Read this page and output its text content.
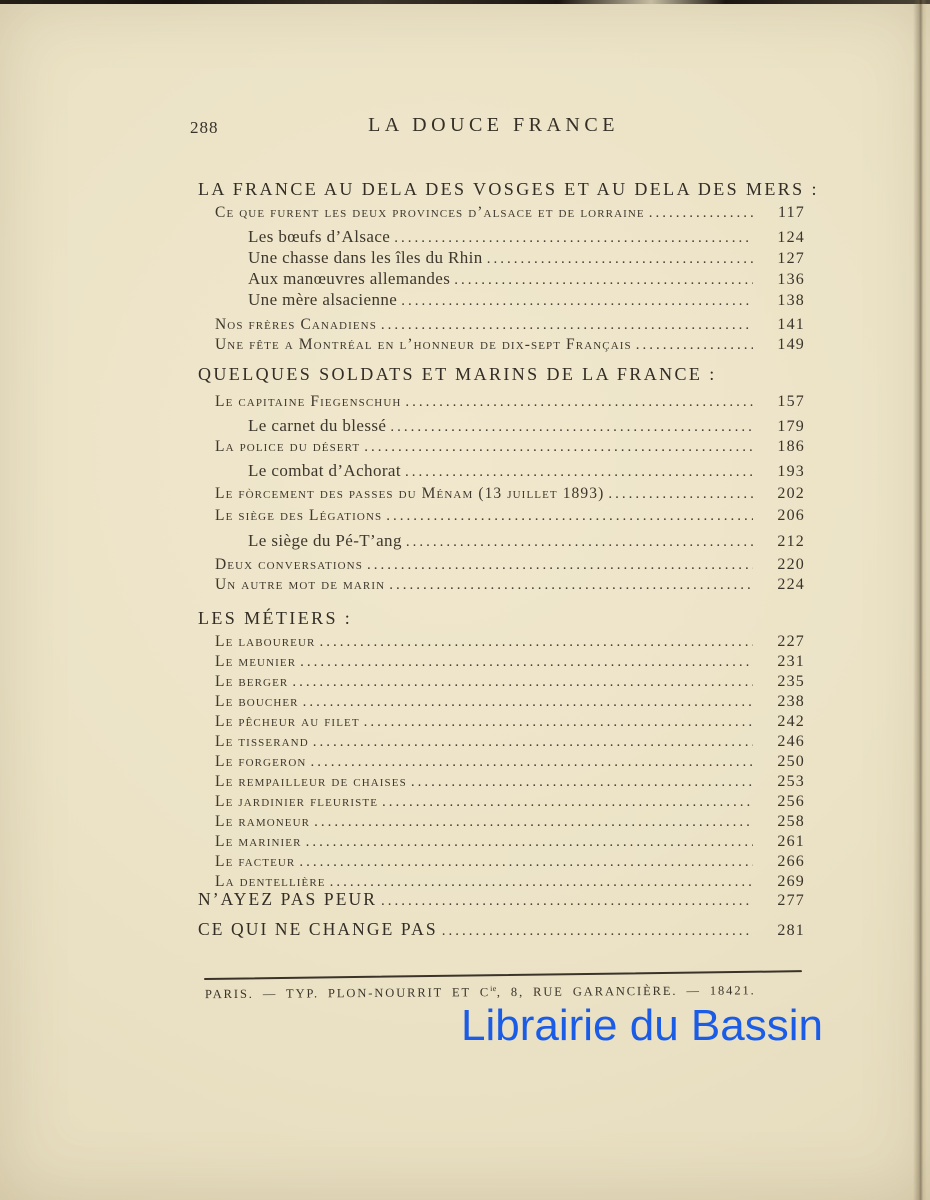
288	LA DOUCE FRANCE
LA FRANCE AU DELA DES VOSGES ET AU DELA DES MERS :
Ce que furent les deux provinces d’alsace et de lorraine .....	117
Les bœufs d’Alsace .....	124
Une chasse dans les îles du Rhin .....	127
Aux manœuvres allemandes .....	136
Une mère alsacienne .....	138
Nos frères Canadiens .....	141
Une fête a Montréal en l’honneur de dix-sept Français .....	149
QUELQUES SOLDATS ET MARINS DE LA FRANCE :
Le capitaine Fiegenschuh .....	157
Le carnet du blessé .....	179
La police du désert .....	186
Le combat d’Achorat .....	193
Le fòrcement des passes du Ménam (13 juillet 1893) .....	202
Le siège des Légations .....	206
Le siège du Pé-T’ang .....	212
Deux conversations .....	220
Un autre mot de marin .....	224
LES MÉTIERS :
Le laboureur .....	227
Le meunier .....	231
Le berger .....	235
Le boucher .....	238
Le pêcheur au filet .....	242
Le tisserand .....	246
Le forgeron .....	250
Le rempailleur de chaises .....	253
Le jardinier fleuriste .....	256
Le ramoneur .....	258
Le marinier .....	261
Le facteur .....	266
La dentellière .....	269
N’AYEZ PAS PEUR .....	277
CE QUI NE CHANGE PAS .....	281
PARIS. — TYP. PLON-NOURRIT ET $C^{ie}$, 8, RUE GARANCIÈRE. — 18421.
Librairie du Bassin
